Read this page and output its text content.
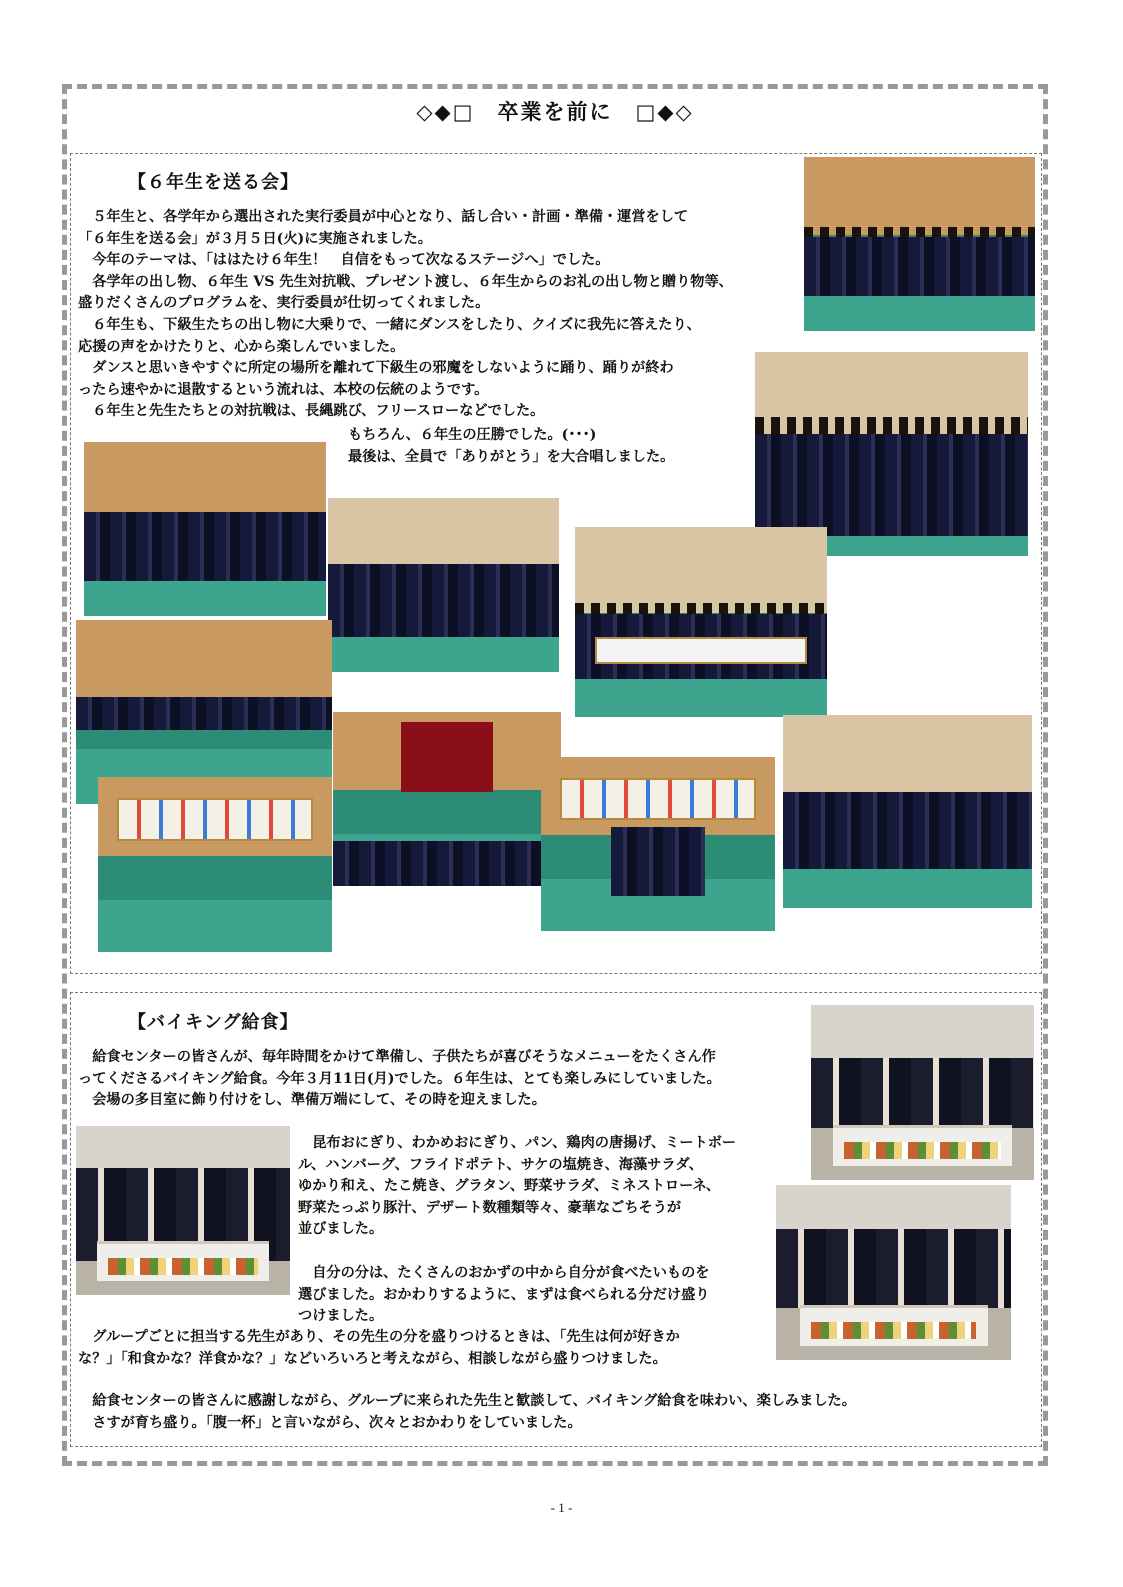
◇◆□　卒業を前に　□◆◇
【６年生を送る会】

　５年生と、各学年から選出された実行委員が中心となり、話し合い・計画・準備・運営をして
「６年生を送る会」が３月５日(火)に実施されました。
　今年のテーマは、「ははたけ６年生！　自信をもって次なるステージへ」でした。
　各学年の出し物、６年生 VS 先生対抗戦、プレゼント渡し、６年生からのお礼の出し物と贈り物等、
盛りだくさんのプログラムを、実行委員が仕切ってくれました。
　６年生も、下級生たちの出し物に大乗りで、一緒にダンスをしたり、クイズに我先に答えたり、
応援の声をかけたりと、心から楽しんでいました。
　ダンスと思いきやすぐに所定の場所を離れて下級生の邪魔をしないように踊り、踊りが終わ
ったら速やかに退散するという流れは、本校の伝統のようです。
　６年生と先生たちとの対抗戦は、長縄跳び、フリースローなどでした。

もちろん、６年生の圧勝でした。(･･･)
最後は、全員で「ありがとう」を大合唱しました。

【バイキング給食】

　給食センターの皆さんが、毎年時間をかけて準備し、子供たちが喜びそうなメニューをたくさん作
ってくださるバイキング給食。今年３月11日(月)でした。６年生は、とても楽しみにしていました。
　会場の多目室に飾り付けをし、準備万端にして、その時を迎えました。

　昆布おにぎり、わかめおにぎり、パン、鶏肉の唐揚げ、ミートボー
ル、ハンバーグ、フライドポテト、サケの塩焼き、海藻サラダ、
ゆかり和え、たこ焼き、グラタン、野菜サラダ、ミネストローネ、
野菜たっぷり豚汁、デザート数種類等々、豪華なごちそうが
並びました。

　自分の分は、たくさんのおかずの中から自分が食べたいものを
選びました。おかわりするように、まずは食べられる分だけ盛り
つけました。

　グループごとに担当する先生があり、その先生の分を盛りつけるときは、「先生は何が好きか
な？」「和食かな？洋食かな？」などいろいろと考えながら、相談しながら盛りつけました。

　給食センターの皆さんに感謝しながら、グループに来られた先生と歓談して、バイキング給食を味わい、楽しみました。
　さすが育ち盛り。「腹一杯」と言いながら、次々とおかわりをしていました。

- 1 -
